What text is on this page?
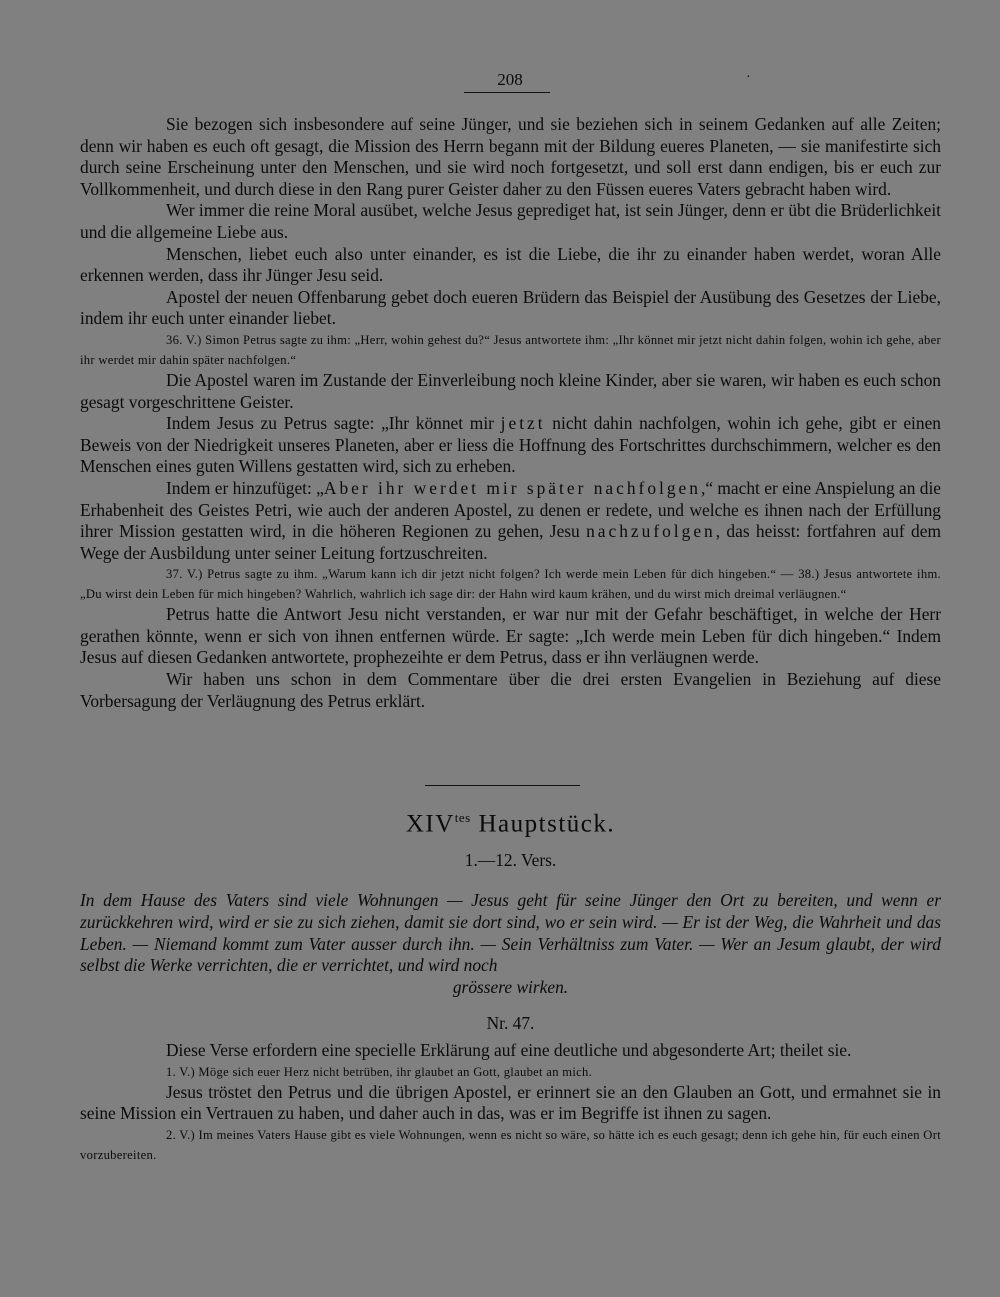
208	·

Sie bezogen sich insbesondere auf seine Jünger, und sie beziehen sich in seinem Gedanken auf alle Zeiten; denn wir haben es euch oft gesagt, die Mission des Herrn begann mit der Bildung eueres Planeten, — sie manifestirte sich durch seine Erscheinung unter den Menschen, und sie wird noch fortgesetzt, und soll erst dann endigen, bis er euch zur Vollkommenheit, und durch diese in den Rang purer Geister daher zu den Füssen eueres Vaters gebracht haben wird.

Wer immer die reine Moral ausübet, welche Jesus geprediget hat, ist sein Jünger, denn er übt die Brüderlichkeit und die allgemeine Liebe aus.

Menschen, liebet euch also unter einander, es ist die Liebe, die ihr zu einander haben werdet, woran Alle erkennen werden, dass ihr Jünger Jesu seid.

Apostel der neuen Offenbarung gebet doch eueren Brüdern das Beispiel der Ausübung des Gesetzes der Liebe, indem ihr euch unter einander liebet.

36. V.) Simon Petrus sagte zu ihm: „Herr, wohin gehest du?“ Jesus antwortete ihm: „Ihr könnet mir jetzt nicht dahin folgen, wohin ich gehe, aber ihr werdet mir dahin später nachfolgen.“

Die Apostel waren im Zustande der Einverleibung noch kleine Kinder, aber sie waren, wir haben es euch schon gesagt vorgeschrittene Geister.

Indem Jesus zu Petrus sagte: „Ihr könnet mir jetzt nicht dahin nachfolgen, wohin ich gehe, gibt er einen Beweis von der Niedrigkeit unseres Planeten, aber er liess die Hoffnung des Fortschrittes durchschimmern, welcher es den Menschen eines guten Willens gestatten wird, sich zu erheben.

Indem er hinzufüget: „Aber ihr werdet mir später nachfolgen,“ macht er eine Anspielung an die Erhabenheit des Geistes Petri, wie auch der anderen Apostel, zu denen er redete, und welche es ihnen nach der Erfüllung ihrer Mission gestatten wird, in die höheren Regionen zu gehen, Jesu nachzufolgen, das heisst: fortfahren auf dem Wege der Ausbildung unter seiner Leitung fortzuschreiten.

37. V.) Petrus sagte zu ihm. „Warum kann ich dir jetzt nicht folgen? Ich werde mein Leben für dich hingeben.“ — 38.) Jesus antwortete ihm. „Du wirst dein Leben für mich hingeben? Wahrlich, wahrlich ich sage dir: der Hahn wird kaum krähen, und du wirst mich dreimal verläugnen.“

Petrus hatte die Antwort Jesu nicht verstanden, er war nur mit der Gefahr beschäftiget, in welche der Herr gerathen könnte, wenn er sich von ihnen entfernen würde. Er sagte: „Ich werde mein Leben für dich hingeben.“ Indem Jesus auf diesen Gedanken antwortete, prophezeihte er dem Petrus, dass er ihn verläugnen werde.

Wir haben uns schon in dem Commentare über die drei ersten Evangelien in Beziehung auf diese Vorbersagung der Verläugnung des Petrus erklärt.

$XIV^{tes}$ Hauptstück.
1.—12. Vers.
In dem Hause des Vaters sind viele Wohnungen — Jesus geht für seine Jünger den Ort zu bereiten, und wenn er zurückkehren wird, wird er sie zu sich ziehen, damit sie dort sind, wo er sein wird. — Er ist der Weg, die Wahrheit und das Leben. — Niemand kommt zum Vater ausser durch ihn. — Sein Verhältniss zum Vater. — Wer an Jesum glaubt, der wird selbst die Werke verrichten, die er verrichtet, und wird noch
grössere wirken.
Nr. 47.

Diese Verse erfordern eine specielle Erklärung auf eine deutliche und abgesonderte Art; theilet sie.

1. V.) Möge sich euer Herz nicht betrüben, ihr glaubet an Gott, glaubet an mich.

Jesus tröstet den Petrus und die übrigen Apostel, er erinnert sie an den Glauben an Gott, und ermahnet sie in seine Mission ein Vertrauen zu haben, und daher auch in das, was er im Begriffe ist ihnen zu sagen.

2. V.) Im meines Vaters Hause gibt es viele Wohnungen, wenn es nicht so wäre, so hätte ich es euch gesagt; denn ich gehe hin, für euch einen Ort vorzubereiten.
